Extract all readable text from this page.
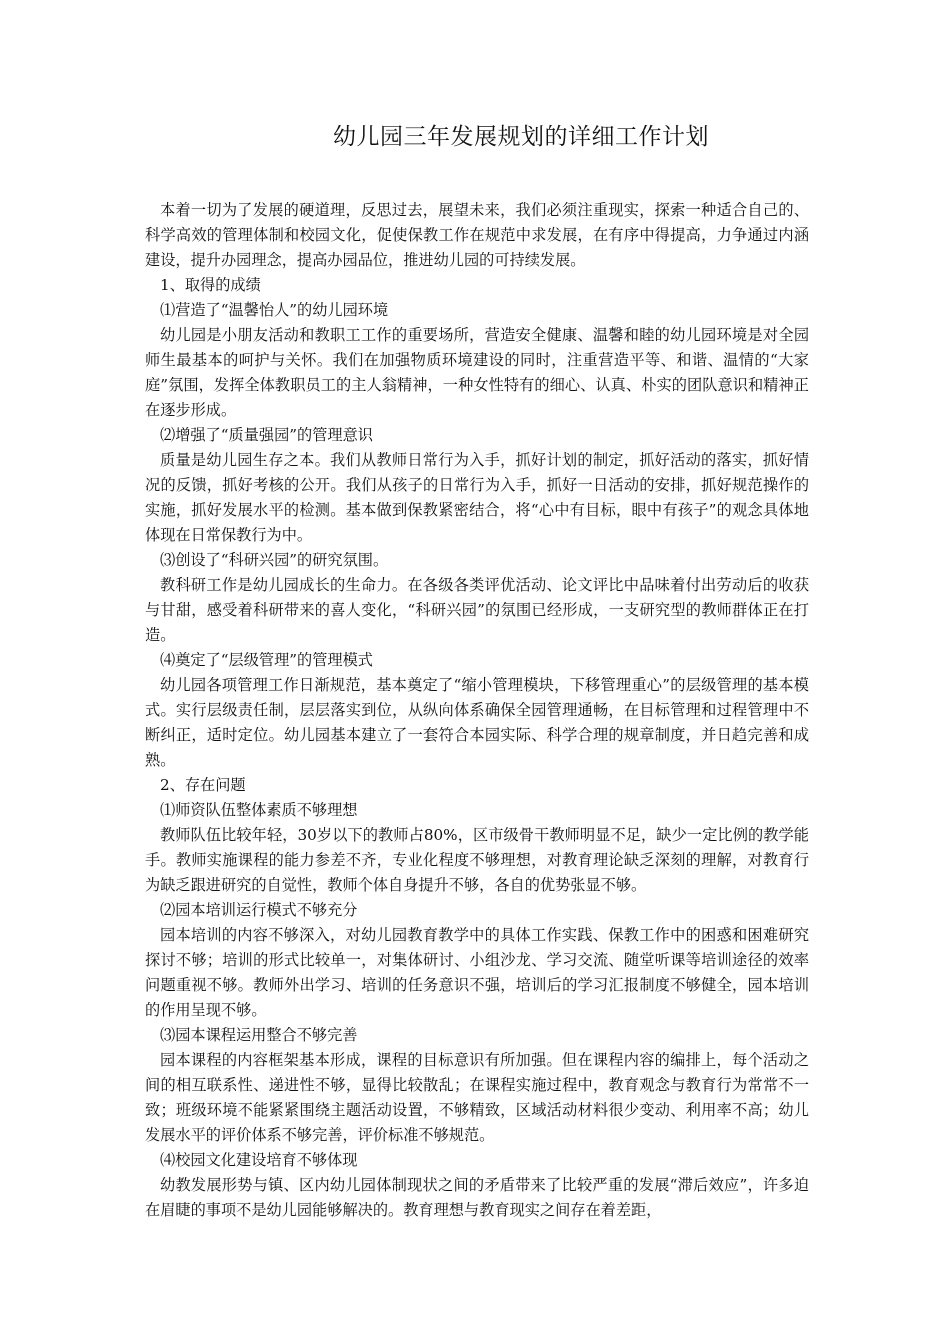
幼儿园三年发展规划的详细工作计划

本着一切为了发展的硬道理，反思过去，展望未来，我们必须注重现实，探索一种适合自己的、科学高效的管理体制和校园文化，促使保教工作在规范中求发展，在有序中得提高，力争通过内涵建设，提升办园理念，提高办园品位，推进幼儿园的可持续发展。

1、取得的成绩

⑴营造了“温馨怡人”的幼儿园环境

幼儿园是小朋友活动和教职工工作的重要场所，营造安全健康、温馨和睦的幼儿园环境是对全园师生最基本的呵护与关怀。我们在加强物质环境建设的同时，注重营造平等、和谐、温情的“大家庭”氛围，发挥全体教职员工的主人翁精神，一种女性特有的细心、认真、朴实的团队意识和精神正在逐步形成。

⑵增强了“质量强园”的管理意识

质量是幼儿园生存之本。我们从教师日常行为入手，抓好计划的制定，抓好活动的落实，抓好情况的反馈，抓好考核的公开。我们从孩子的日常行为入手，抓好一日活动的安排，抓好规范操作的实施，抓好发展水平的检测。基本做到保教紧密结合，将“心中有目标，眼中有孩子”的观念具体地体现在日常保教行为中。

⑶创设了“科研兴园”的研究氛围。

教科研工作是幼儿园成长的生命力。在各级各类评优活动、论文评比中品味着付出劳动后的收获与甘甜，感受着科研带来的喜人变化，“科研兴园”的氛围已经形成，一支研究型的教师群体正在打造。

⑷奠定了“层级管理”的管理模式

幼儿园各项管理工作日渐规范，基本奠定了“缩小管理模块，下移管理重心”的层级管理的基本模式。实行层级责任制，层层落实到位，从纵向体系确保全园管理通畅，在目标管理和过程管理中不断纠正，适时定位。幼儿园基本建立了一套符合本园实际、科学合理的规章制度，并日趋完善和成熟。

2、存在问题

⑴师资队伍整体素质不够理想

教师队伍比较年轻，30岁以下的教师占80%，区市级骨干教师明显不足，缺少一定比例的教学能手。教师实施课程的能力参差不齐，专业化程度不够理想，对教育理论缺乏深刻的理解，对教育行为缺乏跟进研究的自觉性，教师个体自身提升不够，各自的优势张显不够。

⑵园本培训运行模式不够充分

园本培训的内容不够深入，对幼儿园教育教学中的具体工作实践、保教工作中的困惑和困难研究探讨不够；培训的形式比较单一，对集体研讨、小组沙龙、学习交流、随堂听课等培训途径的效率问题重视不够。教师外出学习、培训的任务意识不强，培训后的学习汇报制度不够健全，园本培训的作用呈现不够。

⑶园本课程运用整合不够完善

园本课程的内容框架基本形成，课程的目标意识有所加强。但在课程内容的编排上，每个活动之间的相互联系性、递进性不够，显得比较散乱；在课程实施过程中，教育观念与教育行为常常不一致；班级环境不能紧紧围绕主题活动设置，不够精致，区域活动材料很少变动、利用率不高；幼儿发展水平的评价体系不够完善，评价标准不够规范。

⑷校园文化建设培育不够体现

幼教发展形势与镇、区内幼儿园体制现状之间的矛盾带来了比较严重的发展“滞后效应”，许多迫在眉睫的事项不是幼儿园能够解决的。教育理想与教育现实之间存在着差距，
